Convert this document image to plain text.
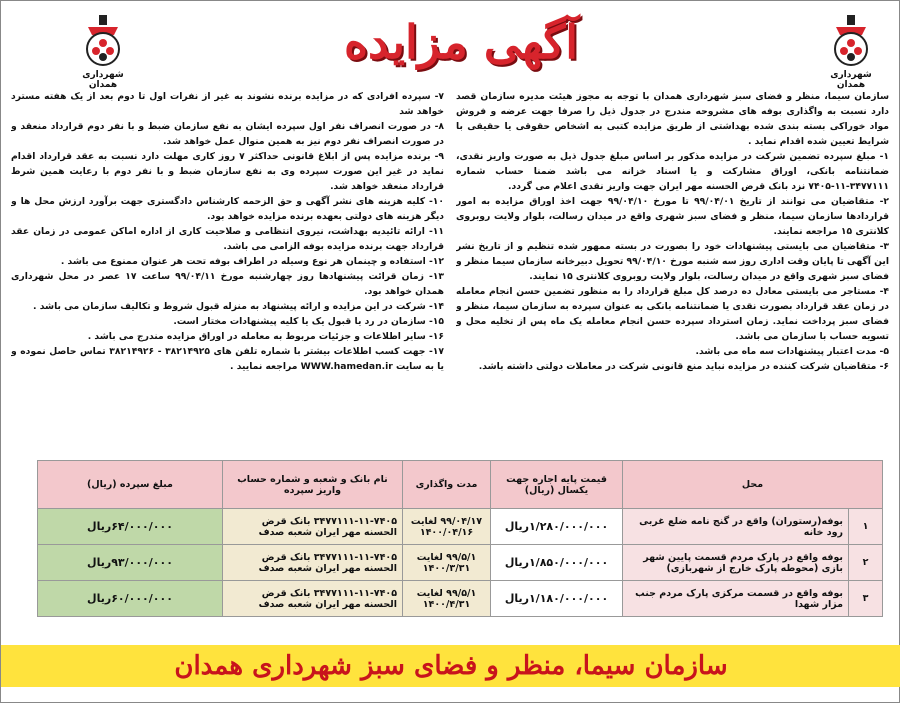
شهرداری همدان
آگهی مزایده
شهرداری همدان

سازمان سیما، منظر و فضای سبز شهرداری همدان با توجه به مجوز هیئت مدیره سازمان قصد دارد نسبت به واگذاری بوفه های مشروحه مندرج در جدول ذیل را صرفا جهت عرضه و فروش مواد خوراکی بسته بندی شده بهداشتی از طریق مزایده کتبی به اشخاص حقوقی یا حقیقی با شرایط تعیین شده اقدام نماید .

۱- مبلغ سپرده تضمین شرکت در مزایده مذکور بر اساس مبلغ جدول ذیل به صورت واریز نقدی، ضمانتنامه بانکی، اوراق مشارکت و یا اسناد خزانه می باشد ضمنا حساب شماره ۳۴۷۷۱۱۱-۱۱-۷۴۰۵ نزد بانک قرض الحسنه مهر ایران جهت واریز نقدی اعلام می گردد.

۲- متقاضیان می توانند از تاریخ ۹۹/۰۴/۰۱ تا مورخ ۹۹/۰۴/۱۰ جهت اخذ اوراق مزایده به امور قراردادها سازمان سیما، منظر و فضای سبز شهری واقع در میدان رسالت، بلوار ولایت روبروی کلانتری ۱۵ مراجعه نمایند.

۳- متقاضیان می بایستی پیشنهادات خود را بصورت در بسته ممهور شده تنظیم و از تاریخ نشر این آگهی تا پایان وقت اداری روز سه شنبه مورخ ۹۹/۰۴/۱۰ تحویل دبیرخانه سازمان سیما منظر و فضای سبز شهری واقع در میدان رسالت، بلوار ولایت روبروی کلانتری ۱۵ نمایند.

۴- مستاجر می بایستی معادل ده درصد کل مبلغ قرارداد را به منظور تضمین حسن انجام معامله در زمان عقد قرارداد بصورت نقدی یا ضمانتنامه بانکی به عنوان سپرده به سازمان سیما، منظر و فضای سبز پرداخت نماید. زمان استرداد سپرده حسن انجام معامله یک ماه پس از تخلیه محل و تسویه حساب با سازمان می باشد.

۵- مدت اعتبار پیشنهادات سه ماه می باشد.

۶- متقاضیان شرکت کننده در مزایده نباید منع قانونی شرکت در معاملات دولتی داشته باشد.

۷- سپرده افرادی که در مزایده برنده نشوند به غیر از نفرات اول تا دوم بعد از یک هفته مسترد خواهد شد

۸- در صورت انصراف نفر اول سپرده ایشان به نفع سازمان ضبط و با نفر دوم قرارداد منعقد و در صورت انصراف نفر دوم نیز به همین منوال عمل خواهد شد.

۹- برنده مزایده پس از ابلاغ قانونی حداکثر ۷ روز کاری مهلت دارد نسبت به عقد قرارداد اقدام نماید در غیر این صورت سپرده وی به نفع سازمان ضبط و با نفر دوم با رعایت همین شرط قرارداد منعقد خواهد شد.

۱۰- کلیه هزینه های نشر آگهی و حق الزحمه کارشناس دادگستری جهت برآورد ارزش محل ها و دیگر هزینه های دولتی بعهده برنده مزایده خواهد بود.

۱۱- ارائه تائیدیه بهداشت، نیروی انتظامی و صلاحیت کاری از اداره اماکن عمومی در زمان عقد قرارداد جهت برنده مزایده بوفه الزامی می باشد.

۱۲- استفاده و چینمان هر نوع وسیله در اطراف بوفه تحت هر عنوان ممنوع می باشد .

۱۳- زمان قرائت پیشنهادها روز چهارشنبه مورخ ۹۹/۰۴/۱۱ ساعت ۱۷ عصر در محل شهرداری همدان خواهد بود.

۱۴- شرکت در این مزایده و ارائه پیشنهاد به منزله قبول شروط و تکالیف سازمان می باشد .

۱۵- سازمان در رد یا قبول یک یا کلیه پیشنهادات مختار است.

۱۶- سایر اطلاعات و جزئیات مربوط به معامله در اوراق مزایده مندرج می باشد .

۱۷- جهت کسب اطلاعات بیشتر با شماره تلفن های ۳۸۲۱۴۹۲۵ - ۳۸۲۱۴۹۲۶ تماس حاصل نموده و یا به سایت WWW.hamedan.ir مراجعه نمایید .

محل		قیمت پایه اجاره جهت یکسال (ریال)	مدت واگذاری	نام بانک و شعبه و شماره حساب واریز سپرده	مبلغ سپرده (ریال)
۱	بوفه(رستوران) واقع در گنج نامه ضلع غربی رود خانه	۱/۲۸۰/۰۰۰/۰۰۰ریال	۹۹/۰۴/۱۷ لغایت ۱۴۰۰/۰۴/۱۶	۳۴۷۷۱۱۱-۱۱-۷۴۰۵ بانک قرض الحسنه مهر ایران شعبه صدف	۶۴/۰۰۰/۰۰۰ریال
۲	بوفه واقع در پارک مردم قسمت پایین شهر بازی (محوطه پارک خارج از شهربازی)	۱/۸۵۰/۰۰۰/۰۰۰ریال	۹۹/۵/۱ لغایت ۱۴۰۰/۳/۳۱	۳۴۷۷۱۱۱-۱۱-۷۴۰۵ بانک قرض الحسنه مهر ایران شعبه صدف	۹۳/۰۰۰/۰۰۰ریال
۳	بوفه واقع در قسمت مرکزی پارک مردم جنب مزار شهدا	۱/۱۸۰/۰۰۰/۰۰۰ریال	۹۹/۵/۱ لغایت ۱۴۰۰/۴/۳۱	۳۴۷۷۱۱۱-۱۱-۷۴۰۵ بانک قرض الحسنه مهر ایران شعبه صدف	۶۰/۰۰۰/۰۰۰ریال
سازمان سیما، منظر و فضای سبز شهرداری همدان
